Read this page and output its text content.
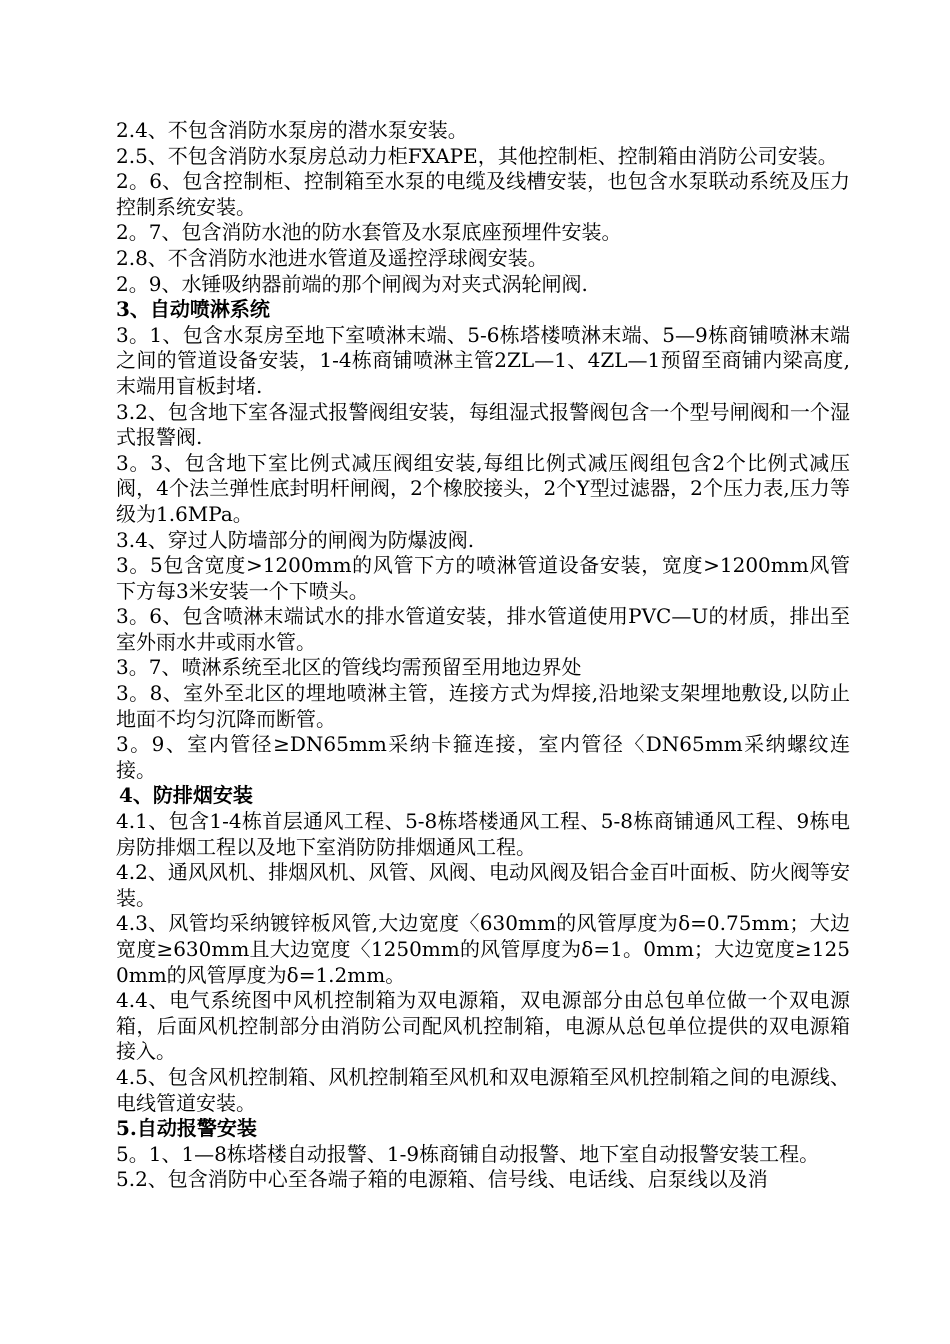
2.4、不包含消防水泵房的潜水泵安装。

2.5、不包含消防水泵房总动力柜FXAPE，其他控制柜、控制箱由消防公司安装。

2。6、包含控制柜、控制箱至水泵的电缆及线槽安装，也包含水泵联动系统及压力控制系统安装。

2。7、包含消防水池的防水套管及水泵底座预埋件安装。

2.8、不含消防水池进水管道及遥控浮球阀安装。

2。9、水锤吸纳器前端的那个闸阀为对夹式涡轮闸阀.

3、自动喷淋系统

3。1、包含水泵房至地下室喷淋末端、5-6栋塔楼喷淋末端、5—9栋商铺喷淋末端之间的管道设备安装，1-4栋商铺喷淋主管2ZL—1、4ZL—1预留至商铺内梁高度,末端用盲板封堵.

3.2、包含地下室各湿式报警阀组安装，每组湿式报警阀包含一个型号闸阀和一个湿式报警阀.

3。3、包含地下室比例式减压阀组安装,每组比例式减压阀组包含2个比例式减压阀，4个法兰弹性底封明杆闸阀，2个橡胶接头，2个Y型过滤器，2个压力表,压力等级为1.6MPa。

3.4、穿过人防墙部分的闸阀为防爆波阀.

3。5包含宽度>1200mm的风管下方的喷淋管道设备安装，宽度>1200mm风管下方每3米安装一个下喷头。

3。6、包含喷淋末端试水的排水管道安装，排水管道使用PVC—U的材质，排出至室外雨水井或雨水管。

3。7、喷淋系统至北区的管线均需预留至用地边界处

3。8、室外至北区的埋地喷淋主管，连接方式为焊接,沿地梁支架埋地敷设,以防止地面不均匀沉降而断管。

3。9、室内管径≥DN65mm采纳卡箍连接，室内管径〈DN65mm采纳螺纹连接。

4、防排烟安装

4.1、包含1-4栋首层通风工程、5-8栋塔楼通风工程、5-8栋商铺通风工程、9栋电房防排烟工程以及地下室消防防排烟通风工程。

4.2、通风风机、排烟风机、风管、风阀、电动风阀及铝合金百叶面板、防火阀等安装。

4.3、风管均采纳镀锌板风管,大边宽度〈630mm的风管厚度为δ=0.75mm；大边宽度≥630mm且大边宽度〈1250mm的风管厚度为δ=1。0mm；大边宽度≥1250mm的风管厚度为δ=1.2mm。

4.4、电气系统图中风机控制箱为双电源箱，双电源部分由总包单位做一个双电源箱，后面风机控制部分由消防公司配风机控制箱，电源从总包单位提供的双电源箱接入。

4.5、包含风机控制箱、风机控制箱至风机和双电源箱至风机控制箱之间的电源线、电线管道安装。

5.自动报警安装

5。1、1—8栋塔楼自动报警、1-9栋商铺自动报警、地下室自动报警安装工程。

5.2、包含消防中心至各端子箱的电源箱、信号线、电话线、启泵线以及消
